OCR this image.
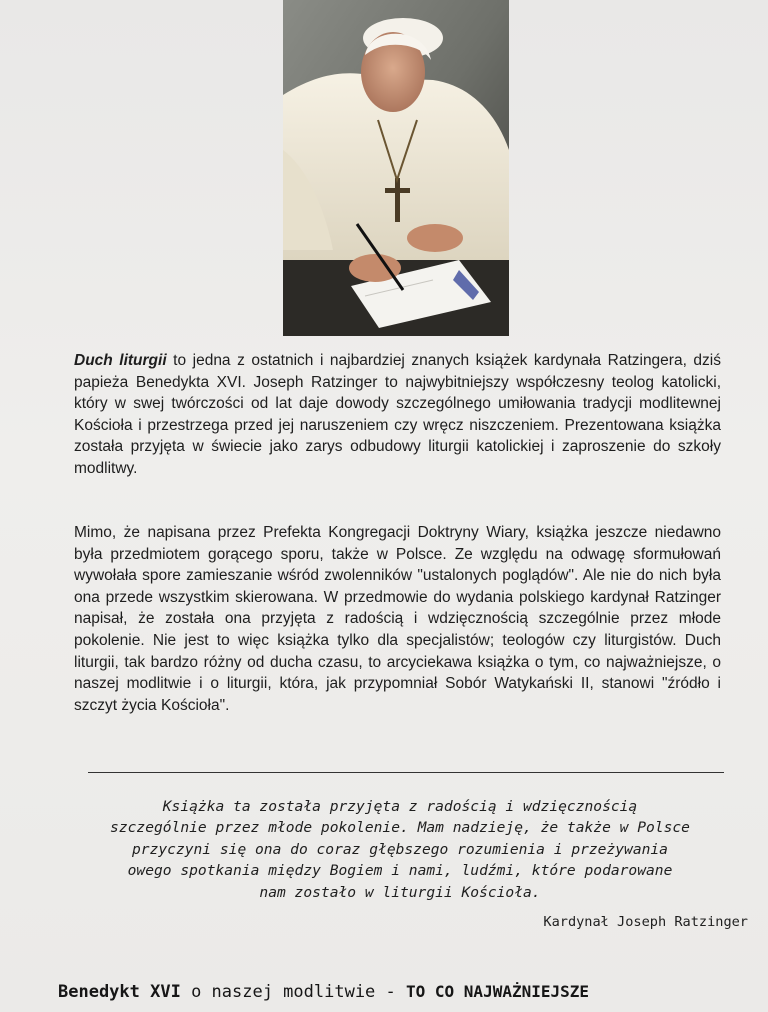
Duch liturgii to jedna z ostatnich i najbardziej znanych książek kardynała Ratzingera, dziś papieża Benedykta XVI. Joseph Ratzinger to najwybitniejszy współczesny teolog katolicki, który w swej twórczości od lat daje dowody szczególnego umiłowania tradycji modlitewnej Kościoła i przestrzega przed jej naruszeniem czy wręcz niszczeniem. Prezentowana książka została przyjęta w świecie jako zarys odbudowy liturgii katolickiej i zaproszenie do szkoły modlitwy.

Mimo, że napisana przez Prefekta Kongregacji Doktryny Wiary, książka jeszcze niedawno była przedmiotem gorącego sporu, także w Polsce. Ze względu na odwagę sformułowań wywołała spore zamieszanie wśród zwolenników "ustalonych poglądów". Ale nie do nich była ona przede wszystkim skierowana. W przedmowie do wydania polskiego kardynał Ratzinger napisał, że została ona przyjęta z radością i wdzięcznością szczególnie przez młode pokolenie. Nie jest to więc książka tylko dla specjalistów; teologów czy liturgistów. Duch liturgii, tak bardzo różny od ducha czasu, to arcyciekawa książka o tym, co najważniejsze, o naszej modlitwie i o liturgii, która, jak przypomniał Sobór Watykański II, stanowi "źródło i szczyt życia Kościoła".

Książka ta została przyjęta z radością i wdzięcznością
szczególnie przez młode pokolenie. Mam nadzieję, że także w Polsce
przyczyni się ona do coraz głębszego rozumienia i przeżywania
owego spotkania między Bogiem i nami, ludźmi, które podarowane
nam zostało w liturgii Kościoła.

Kardynał Joseph Ratzinger

Benedykt XVI o naszej modlitwie - TO CO NAJWAŻNIEJSZE
